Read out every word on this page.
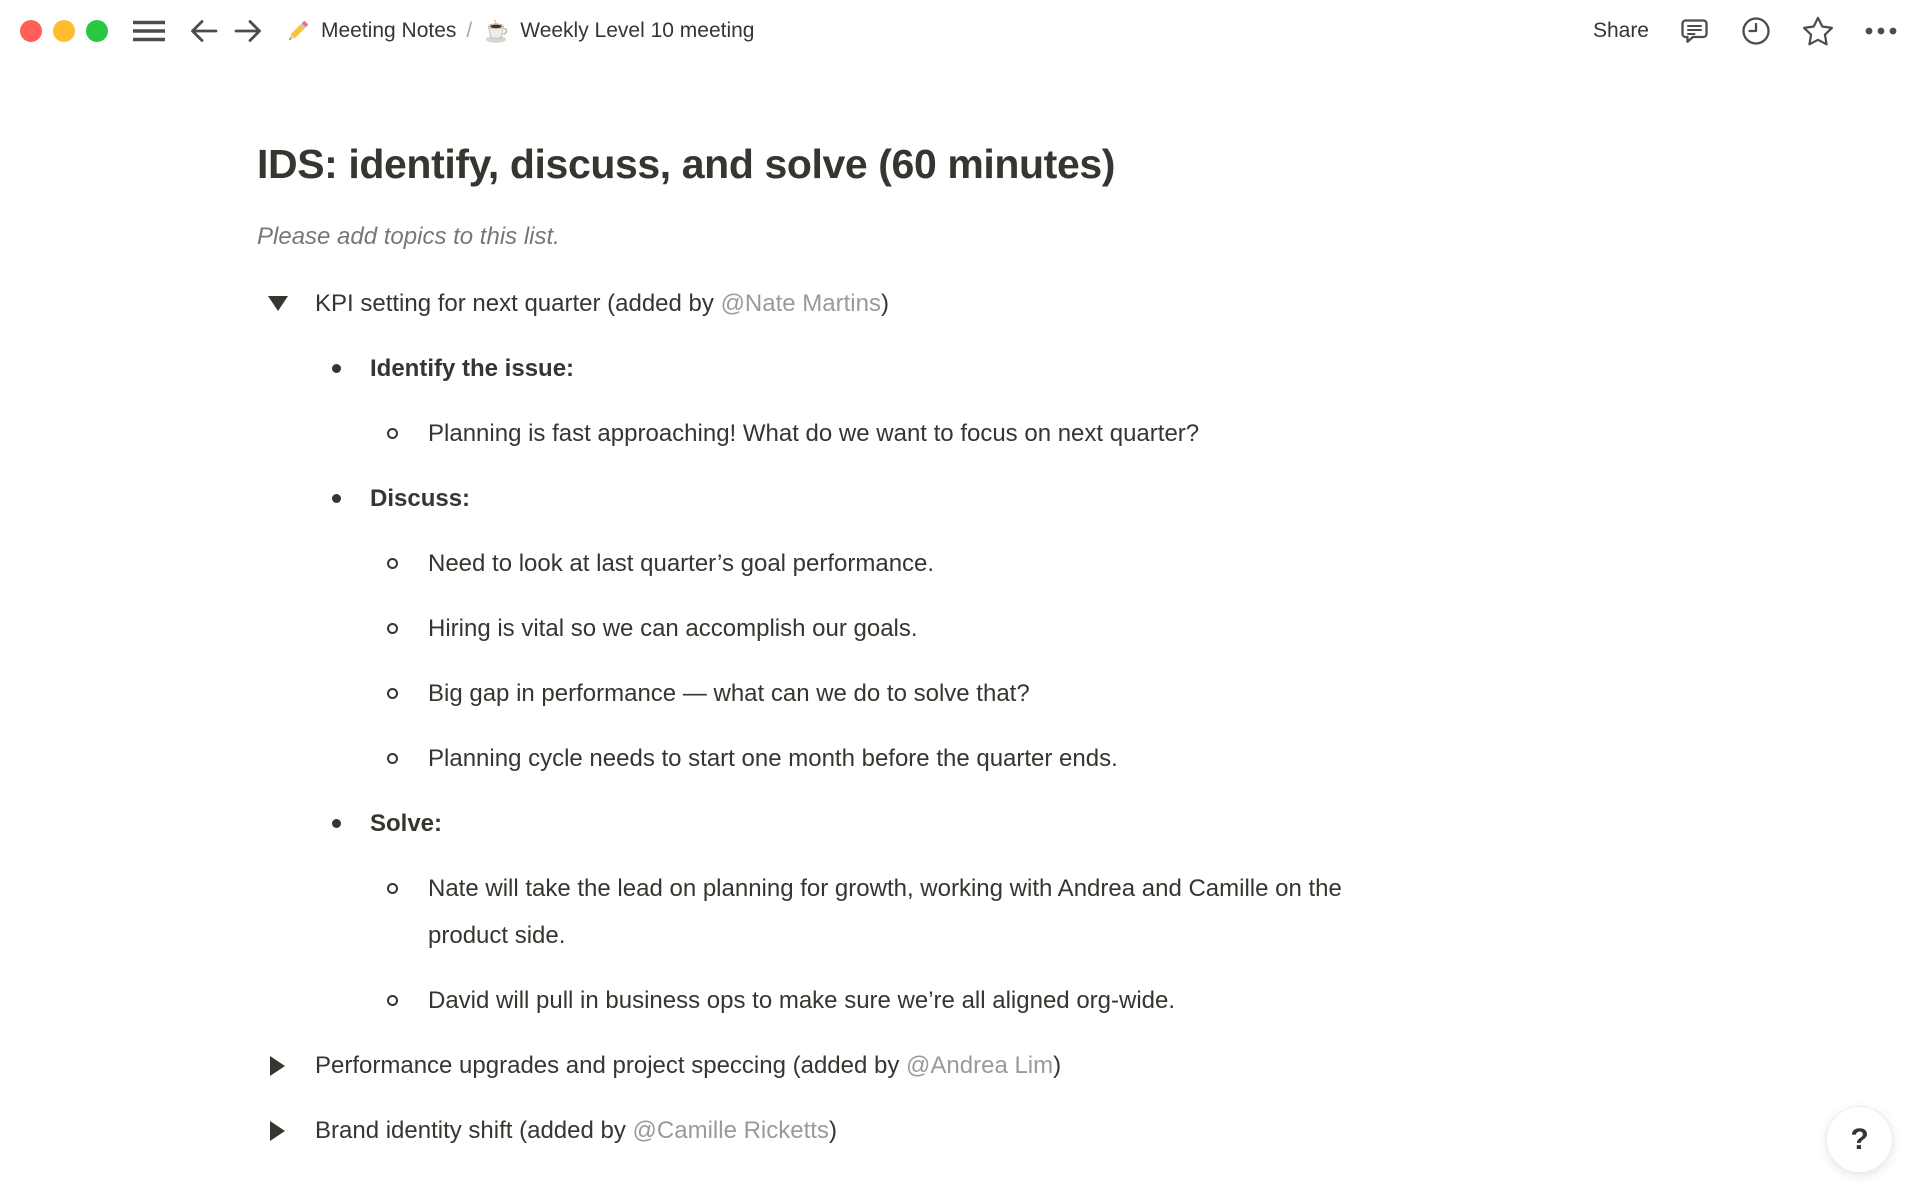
Meeting Notes /	Weekly Level 10 meeting	Share
IDS: identify, discuss, and solve (60 minutes)
Please add topics to this list.
KPI setting for next quarter (added by @Nate Martins)
Identify the issue:
Planning is fast approaching! What do we want to focus on next quarter?
Discuss:
Need to look at last quarter’s goal performance.
Hiring is vital so we can accomplish our goals.
Big gap in performance — what can we do to solve that?
Planning cycle needs to start one month before the quarter ends.
Solve:
Nate will take the lead on planning for growth, working with Andrea and Camille on the product side.
David will pull in business ops to make sure we’re all aligned org-wide.
Performance upgrades and project speccing (added by @Andrea Lim)
Brand identity shift (added by @Camille Ricketts)	?
